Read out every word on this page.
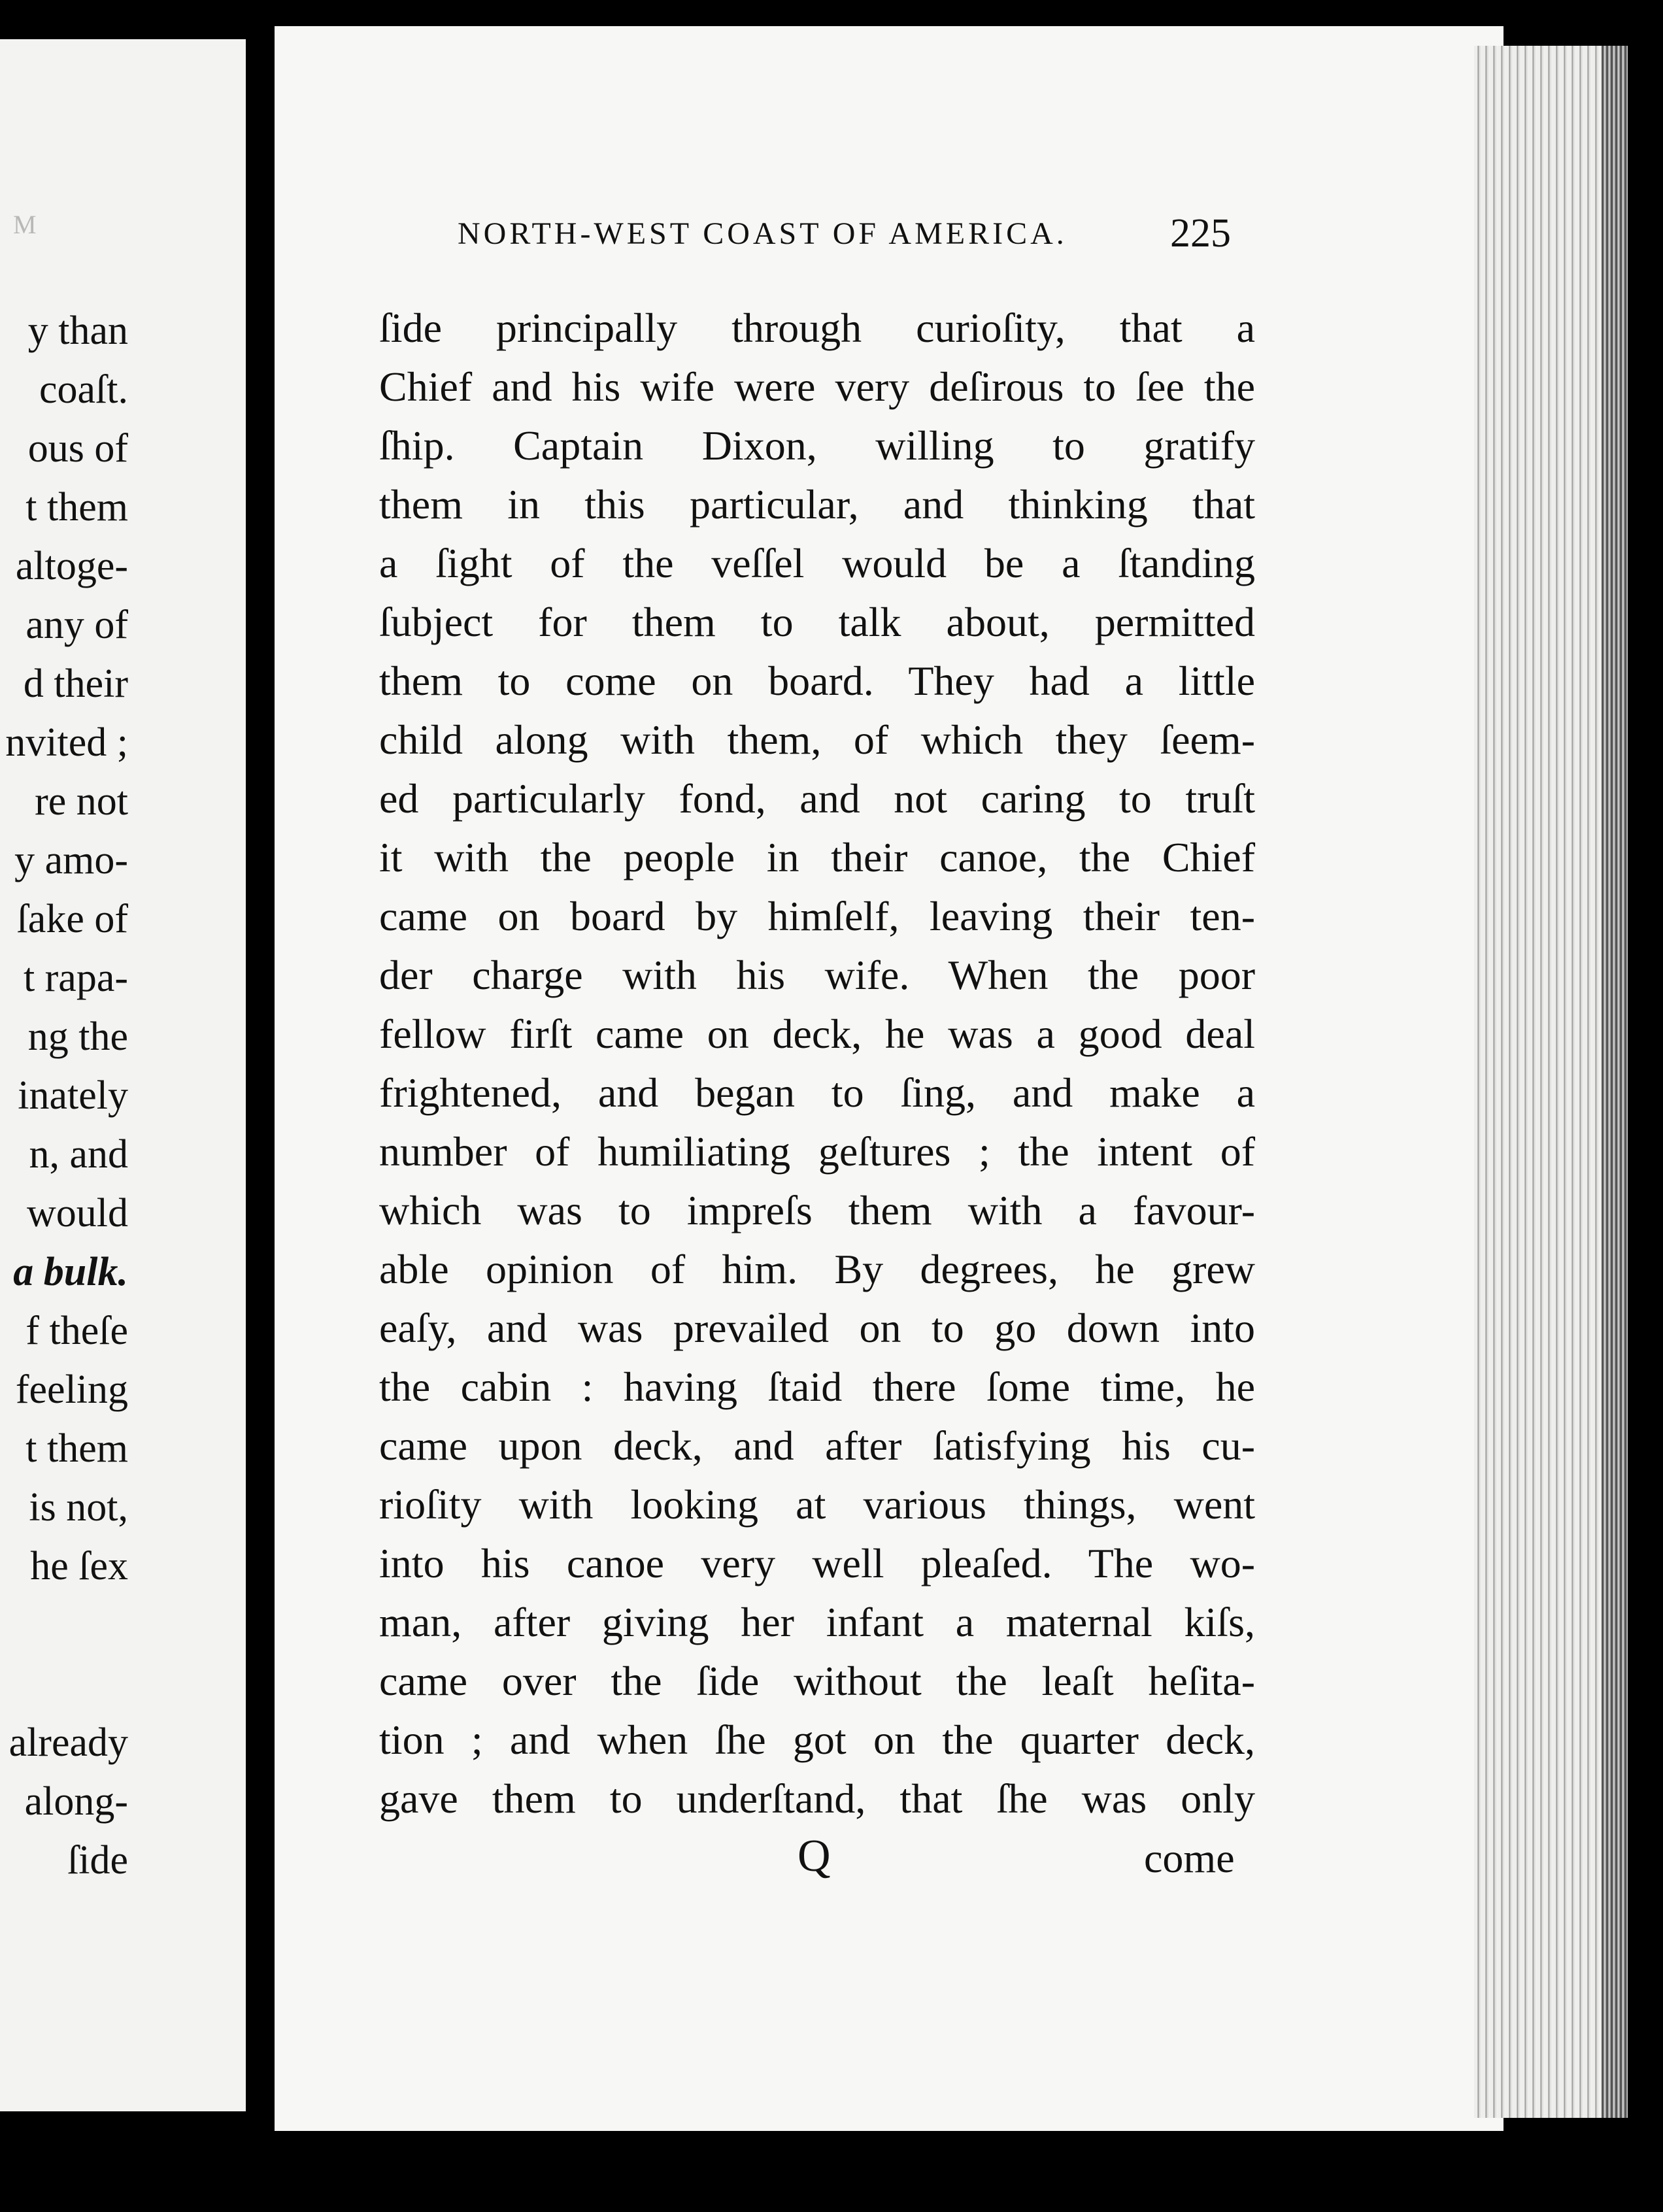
M
y than
coaſt.
ous of
t them
altoge-
any of
d their
nvited ;
re not
y amo-
ſake of
t rapa-
ng the
inately
n, and
would
a bulk.
f theſe
feeling
t them
is not,
he ſex
already
along-
ſide
NORTH-WEST COAST OF AMERICA.	225
ſide principally through curioſity, that a
Chief and his wife were very deſirous to ſee the
ſhip. Captain Dixon, willing to gratify
them in this particular, and thinking that
a ſight of the veſſel would be a ſtanding
ſubject for them to talk about, permitted
them to come on board. They had a little
child along with them, of which they ſeem-
ed particularly fond, and not caring to truſt
it with the people in their canoe, the Chief
came on board by himſelf, leaving their ten-
der charge with his wife. When the poor
fellow firſt came on deck, he was a good deal
frightened, and began to ſing, and make a
number of humiliating geſtures ; the intent of
which was to impreſs them with a favour-
able opinion of him. By degrees, he grew
eaſy, and was prevailed on to go down into
the cabin : having ſtaid there ſome time, he
came upon deck, and after ſatisfying his cu-
rioſity with looking at various things, went
into his canoe very well pleaſed. The wo-
man, after giving her infant a maternal kiſs,
came over the ſide without the leaſt heſita-
tion ; and when ſhe got on the quarter deck,
gave them to underſtand, that ſhe was only
Q	come
